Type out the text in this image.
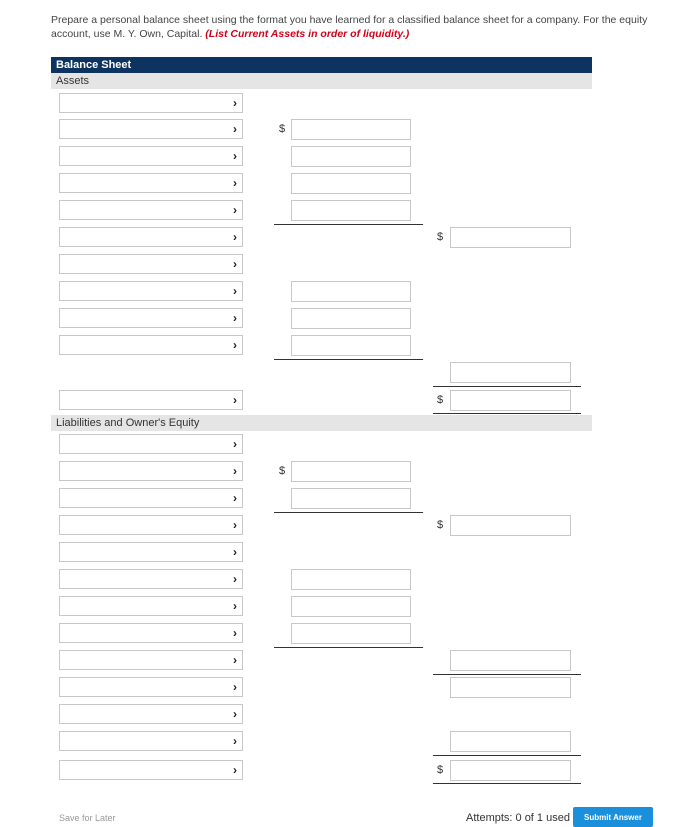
Prepare a personal balance sheet using the format you have learned for a classified balance sheet for a company. For the equity account, use M. Y. Own, Capital. (List Current Assets in order of liquidity.)
Balance Sheet
Assets
Liabilities and Owner's Equity
›
›
›
›
›
›
›
›
›
›
›
$
$
$
›
›
›
›
›
›
›
›
›
›
›
›
›
$
$
$
Save for Later	Attempts: 0 of 1 used	Submit Answer
